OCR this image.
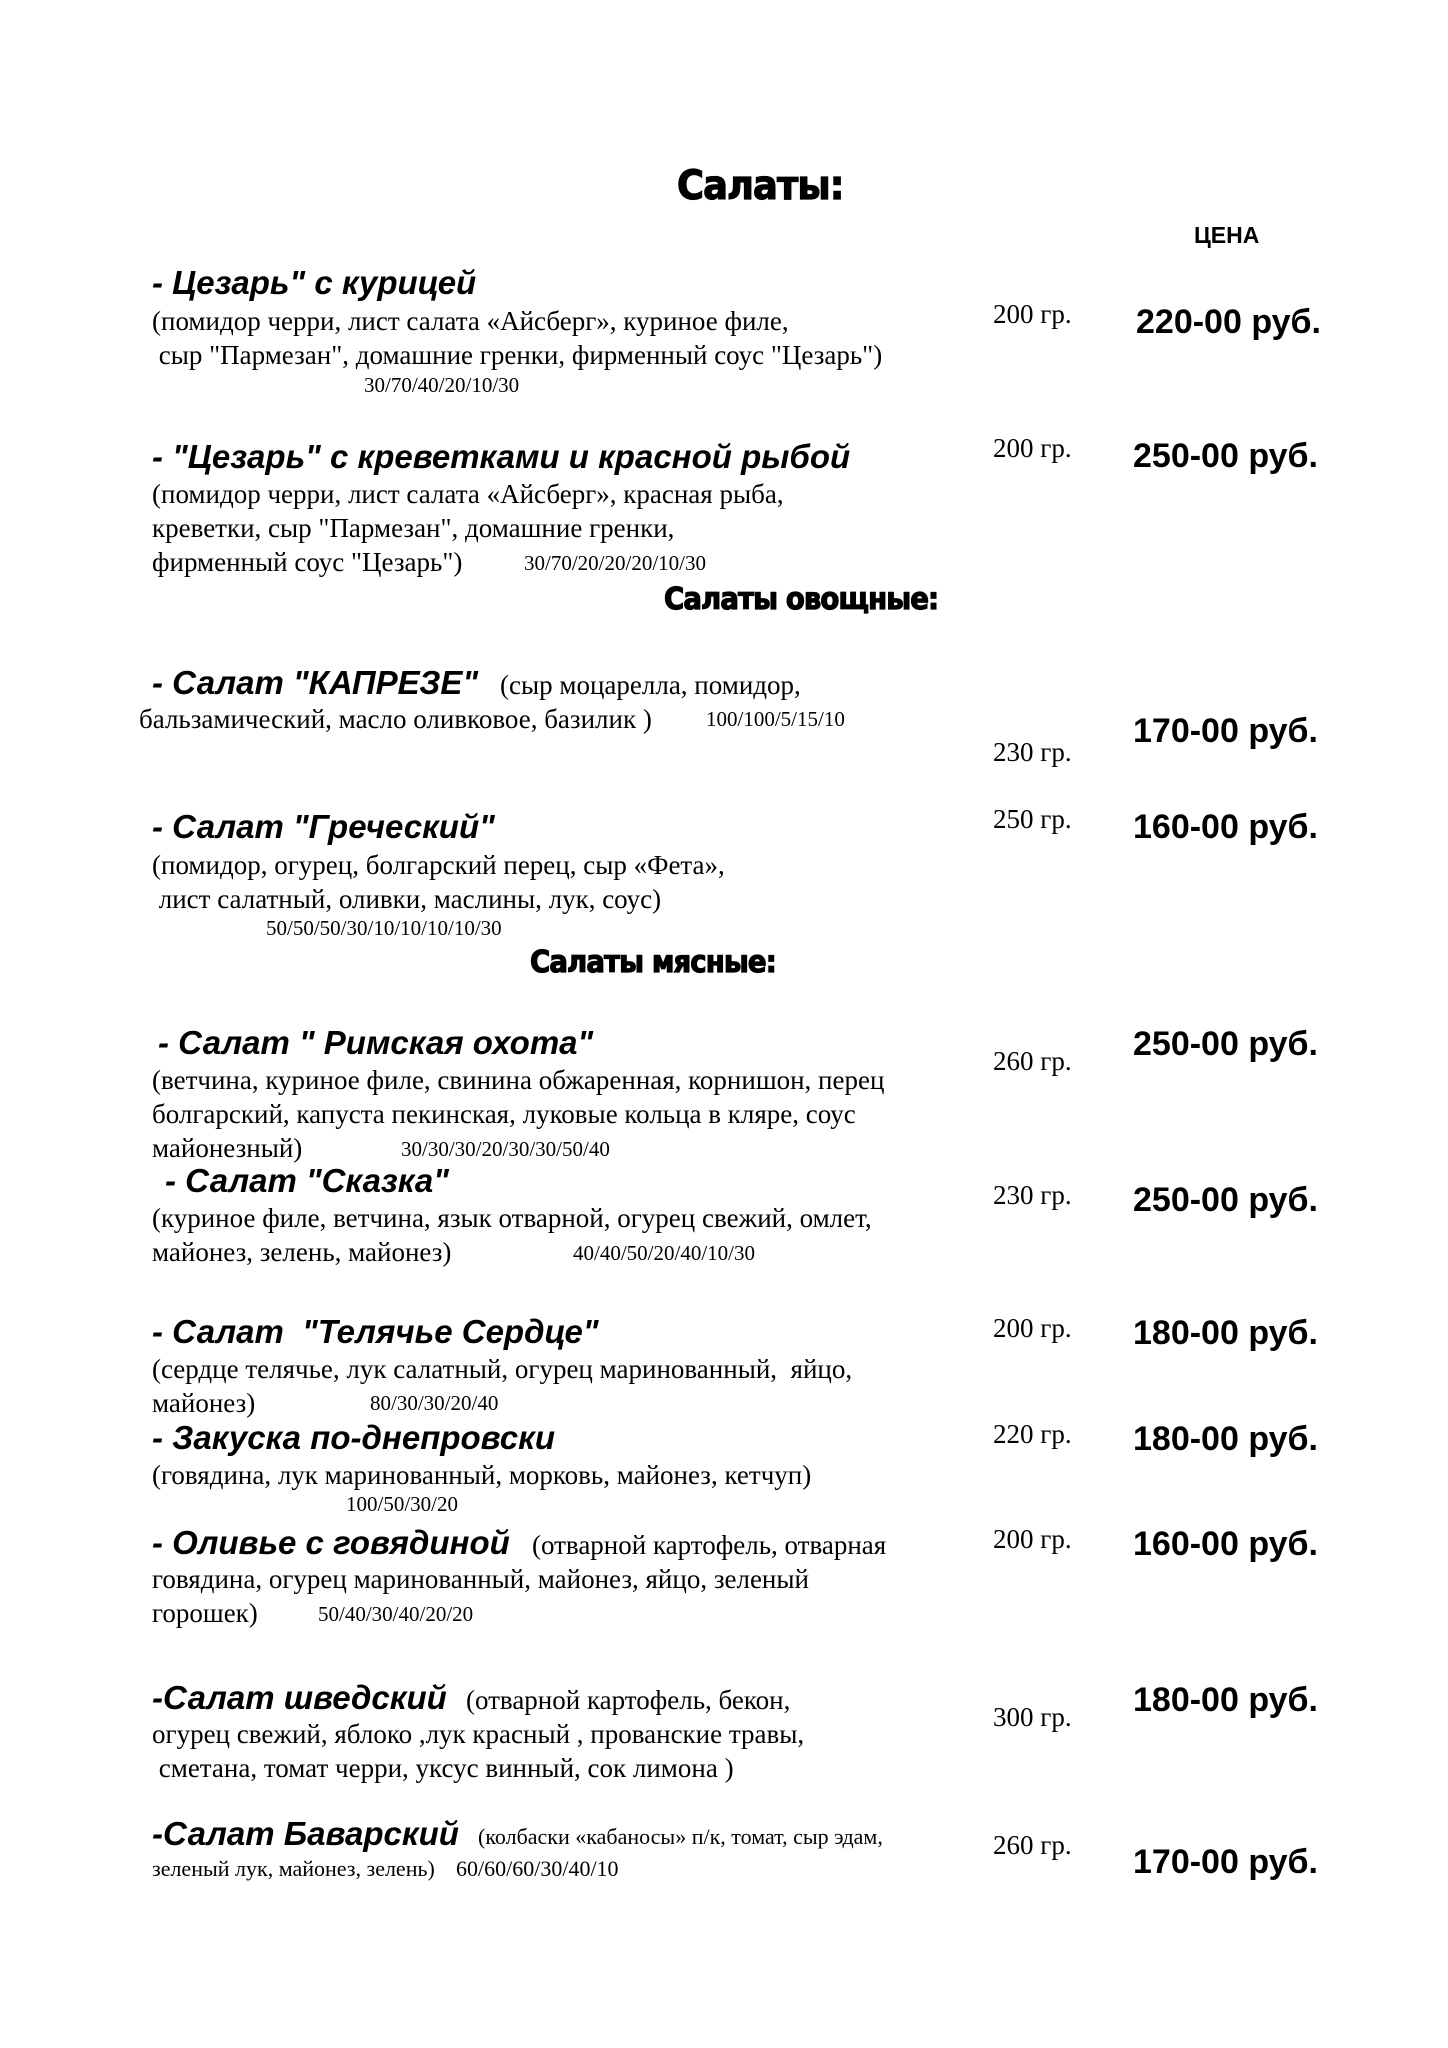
Салаты:
ЦЕНА
- Цезарь" с курицей
(помидор черри, лист салата «Айсберг», куриное филе,
сыр "Пармезан", домашние гренки, фирменный соус "Цезарь")
30/70/40/20/10/30
200 гр. 220-00 руб.
- "Цезарь" с креветками и красной рыбой
(помидор черри, лист салата «Айсберг», красная рыба,
креветки, сыр "Пармезан", домашние гренки,
фирменный соус "Цезарь")	30/70/20/20/20/10/30
200 гр. 250-00 руб.
Салаты овощные:
- Салат "КАПРЕЗЕ" (сыр моцарелла, помидор,
бальзамический, масло оливковое, базилик )	100/100/5/15/10
230 гр.
170-00 руб.
- Салат "Греческий"
(помидор, огурец, болгарский перец, сыр «Фета»,
лист салатный, оливки, маслины, лук, соус)
50/50/50/30/10/10/10/10/30
250 гр. 160-00 руб.
Салаты мясные:
- Салат " Римская охота"
(ветчина, куриное филе, свинина обжаренная, корнишон, перец
болгарский, капуста пекинская, луковые кольца в кляре, соус
майонезный)	30/30/30/20/30/30/50/40
260 гр. 250-00 руб.
- Салат "Сказка"
(куриное филе, ветчина, язык отварной, огурец свежий, омлет,
майонез, зелень, майонез)	40/40/50/20/40/10/30
230 гр. 250-00 руб.
- Салат  "Телячье Сердце"
(сердце телячье, лук салатный, огурец маринованный,  яйцо,
майонез)	80/30/30/20/40
200 гр. 180-00 руб.
- Закуска по-днепровски
(говядина, лук маринованный, морковь, майонез, кетчуп)
100/50/30/20
220 гр. 180-00 руб.
- Оливье с говядиной (отварной картофель, отварная
говядина, огурец маринованный, майонез, яйцо, зеленый
горошек)	50/40/30/40/20/20
200 гр. 160-00 руб.
-Салат шведский (отварной картофель, бекон,
огурец свежий, яблоко ,лук красный , прованские травы,
сметана, томат черри, уксус винный, сок лимона )
300 гр. 180-00 руб.
-Салат Баварский (колбаски «кабаносы» п/к, томат, сыр эдам,
зеленый лук, майонез, зелень) 60/60/60/30/40/10
260 гр. 170-00 руб.
